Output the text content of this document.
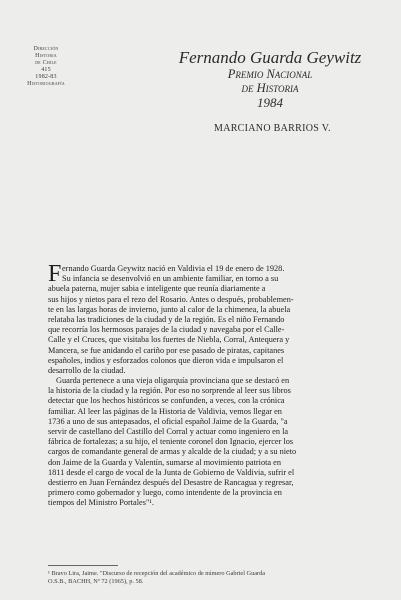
Dirección
Historia
de Chile
415
1982-83
Historiografía
Fernando Guarda Geywitz
Premio Nacional
de Historia
1984
MARCIANO BARRIOS V.
F ernando Guarda Geywitz nació en Valdivia el 19 de enero de 1928.
Su infancia se desenvolvió en un ambiente familiar, en torno a su
abuela paterna, mujer sabia e inteligente que reunía diariamente a
sus hijos y nietos para el rezo del Rosario. Antes o después, probablemen-
te en las largas horas de invierno, junto al calor de la chimenea, la abuela
relataba las tradiciones de la ciudad y de la región. Es el niño Fernando
que recorría los hermosos parajes de la ciudad y navegaba por el Calle-
Calle y el Cruces, que visitaba los fuertes de Niebla, Corral, Antequera y
Mancera, se fue anidando el cariño por ese pasado de piratas, capitanes
españoles, indios y esforzados colonos que dieron vida e impulsaron el
desarrollo de la ciudad.
Guarda pertenece a una vieja oligarquía provinciana que se destacó en
la historia de la ciudad y la región. Por eso no sorprende al leer sus libros
detectar que los hechos históricos se confunden, a veces, con la crónica
familiar. Al leer las páginas de la Historia de Valdivia, vemos llegar en
1736 a uno de sus antepasados, el oficial español Jaime de la Guarda, "a
servir de castellano del Castillo del Corral y actuar como ingeniero en la
fábrica de fortalezas; a su hijo, el teniente coronel don Ignacio, ejercer los
cargos de comandante general de armas y alcalde de la ciudad; y a su nieto
don Jaime de la Guarda y Valentín, sumarse al movimiento patriota en
1811 desde el cargo de vocal de la Junta de Gobierno de Valdivia, sufrir el
destierro en Juan Fernández después del Desastre de Rancagua y regresar,
primero como gobernador y luego, como intendente de la provincia en
tiempos del Ministro Portales"¹.
¹ Bravo Lira, Jaime. "Discurso de recepción del académico de número Gabriel Guarda
O.S.B., BACHH, Nº 72 (1965), p. 58.
